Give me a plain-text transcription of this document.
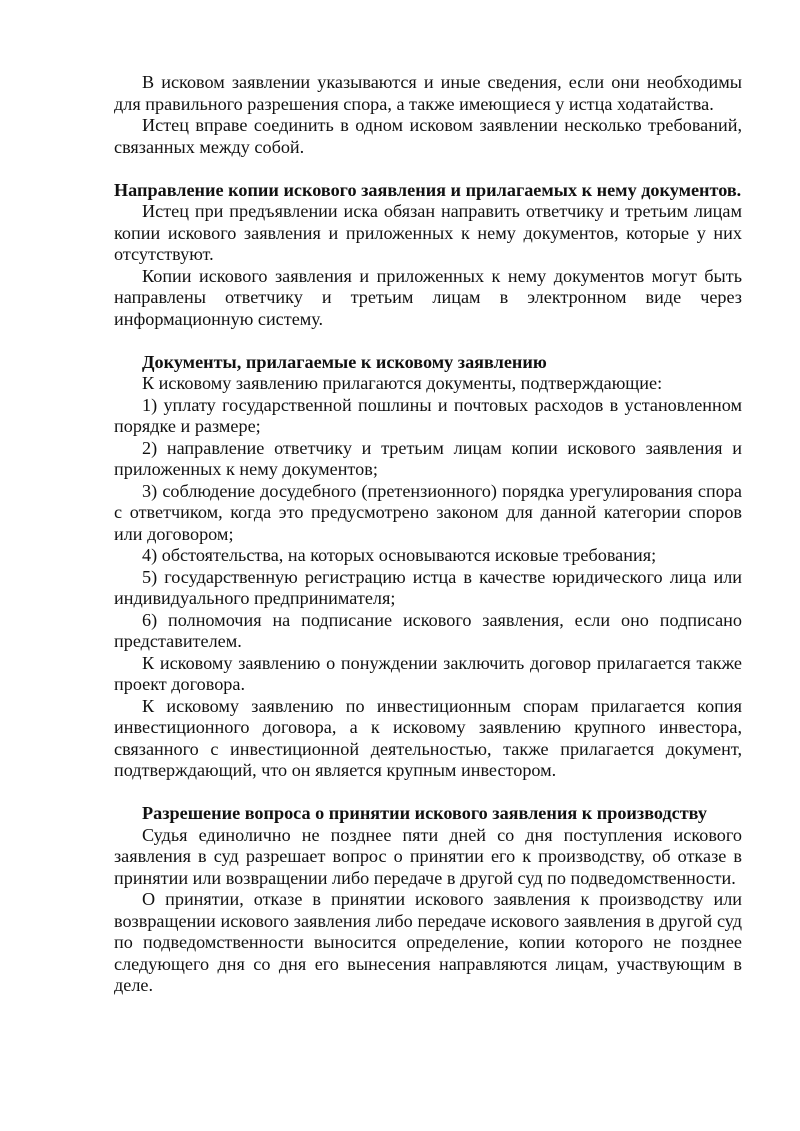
В исковом заявлении указываются и иные сведения, если они необходимы для правильного разрешения спора, а также имеющиеся у истца ходатайства.

Истец вправе соединить в одном исковом заявлении несколько требований, связанных между собой.

Направление копии искового заявления и прилагаемых к нему документов.

Истец при предъявлении иска обязан направить ответчику и третьим лицам копии искового заявления и приложенных к нему документов, которые у них отсутствуют.

Копии искового заявления и приложенных к нему документов могут быть направлены ответчику и третьим лицам в электронном виде через информационную систему.

Документы, прилагаемые к исковому заявлению

К исковому заявлению прилагаются документы, подтверждающие:

1) уплату государственной пошлины и почтовых расходов в установленном порядке и размере;

2) направление ответчику и третьим лицам копии искового заявления и приложенных к нему документов;

3) соблюдение досудебного (претензионного) порядка урегулирования спора с ответчиком, когда это предусмотрено законом для данной категории споров или договором;

4) обстоятельства, на которых основываются исковые требования;

5) государственную регистрацию истца в качестве юридического лица или индивидуального предпринимателя;

6) полномочия на подписание искового заявления, если оно подписано представителем.

К исковому заявлению о понуждении заключить договор прилагается также проект договора.

К исковому заявлению по инвестиционным спорам прилагается копия инвестиционного договора, а к исковому заявлению крупного инвестора, связанного с инвестиционной деятельностью, также прилагается документ, подтверждающий, что он является крупным инвестором.

Разрешение вопроса о принятии искового заявления к производству

Судья единолично не позднее пяти дней со дня поступления искового заявления в суд разрешает вопрос о принятии его к производству, об отказе в принятии или возвращении либо передаче в другой суд по подведомственности.

О принятии, отказе в принятии искового заявления к производству или возвращении искового заявления либо передаче искового заявления в другой суд по подведомственности выносится определение, копии которого не позднее следующего дня со дня его вынесения направляются лицам, участвующим в деле.
